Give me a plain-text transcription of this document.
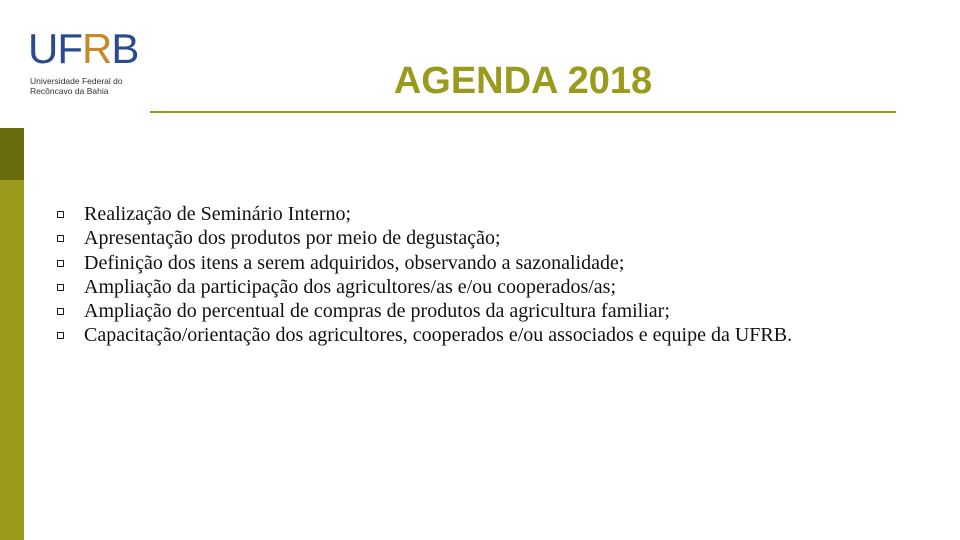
UFRB
Universidade Federal do
Recôncavo da Bahia	AGENDA 2018
Realização de Seminário Interno;
Apresentação dos produtos por meio de degustação;
Definição dos itens a serem adquiridos, observando a sazonalidade;
Ampliação da participação dos agricultores/as e/ou cooperados/as;
Ampliação do percentual de compras de produtos da agricultura familiar;
Capacitação/orientação dos agricultores, cooperados e/ou associados e equipe da UFRB.
